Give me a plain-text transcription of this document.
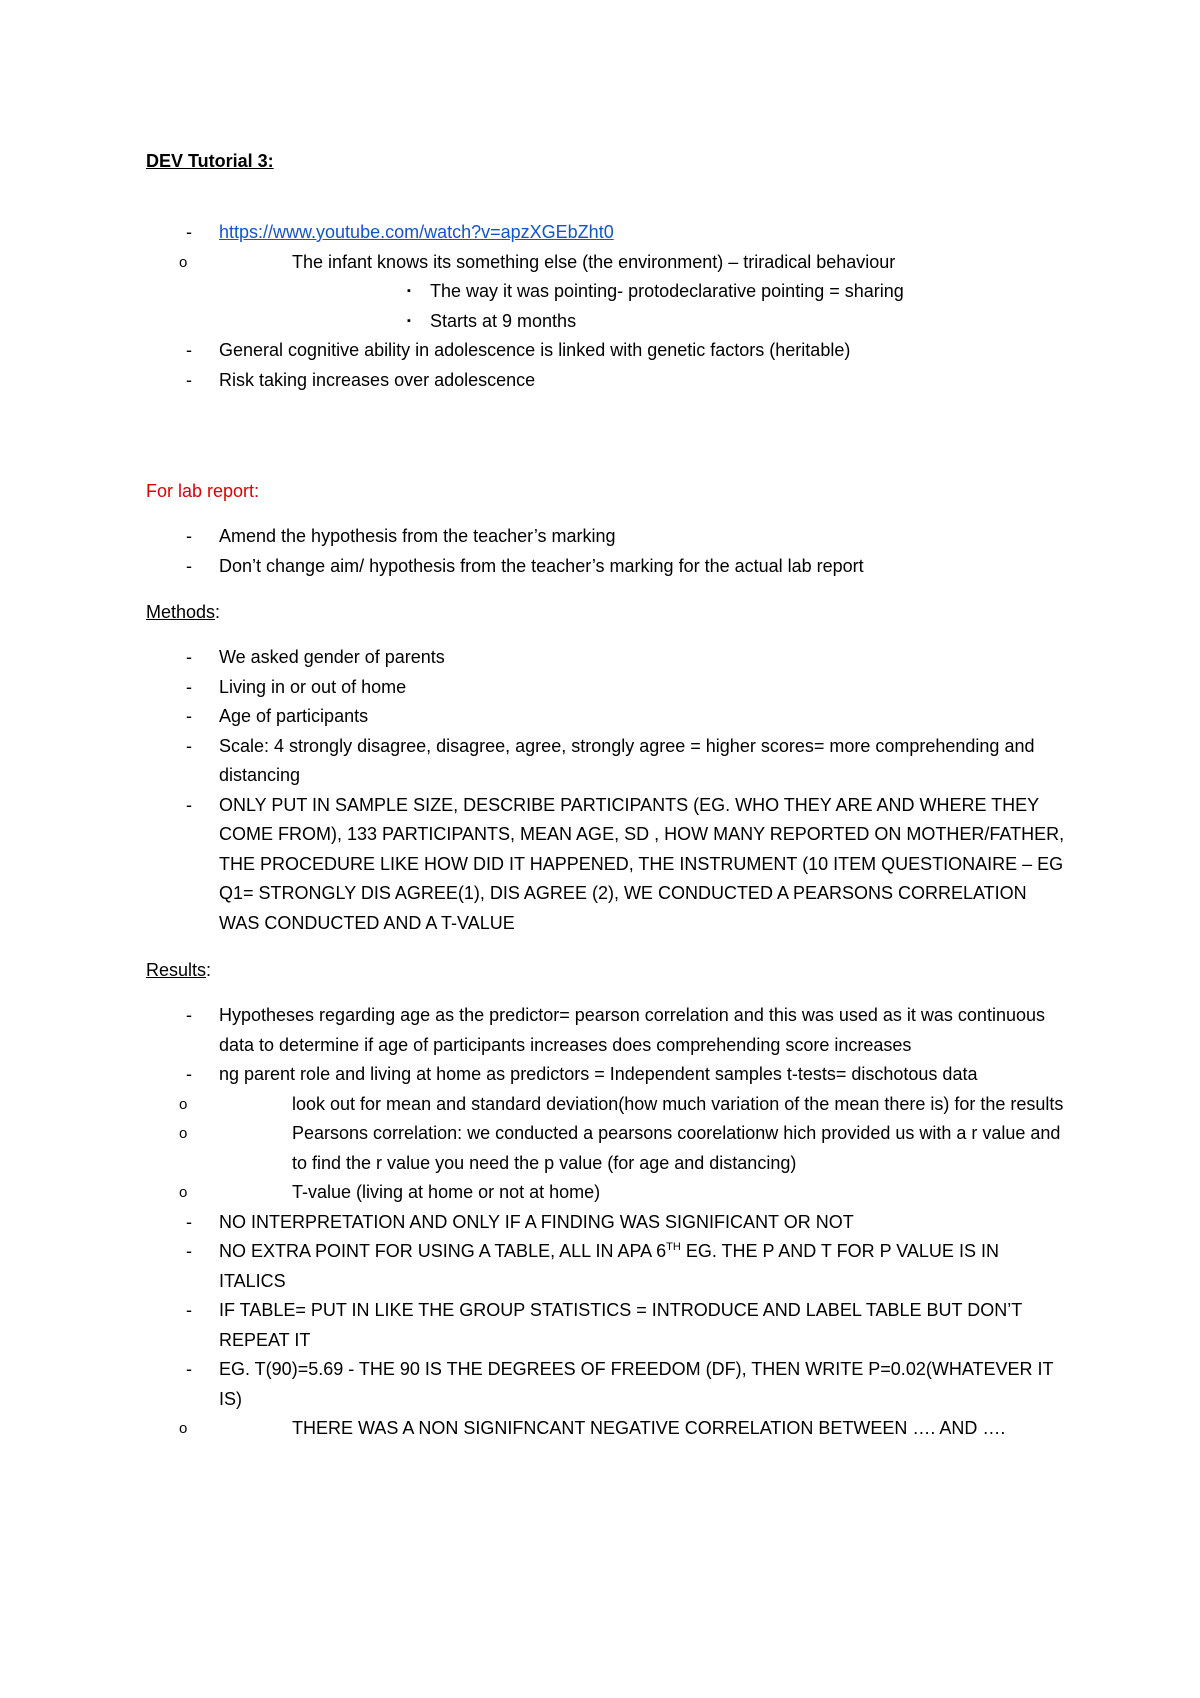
DEV Tutorial 3:
- https://www.youtube.com/watch?v=apzXGEbZht0
o	The infant knows its something else (the environment) – triradical behaviour
▪	The way it was pointing- protodeclarative pointing = sharing
▪	Starts at 9 months
- General cognitive ability in adolescence is linked with genetic factors (heritable)
- Risk taking increases over adolescence
For lab report:
- Amend the hypothesis from the teacher’s marking
- Don’t change aim/ hypothesis from the teacher’s marking for the actual lab report
Methods:
- We asked gender of parents
- Living in or out of home
- Age of participants
- Scale: 4 strongly disagree, disagree, agree, strongly agree = higher scores= more comprehending and distancing
- ONLY PUT IN SAMPLE SIZE, DESCRIBE PARTICIPANTS (EG. WHO THEY ARE AND WHERE THEY COME FROM), 133 PARTICIPANTS, MEAN AGE, SD , HOW MANY REPORTED ON MOTHER/FATHER, THE PROCEDURE LIKE HOW DID IT HAPPENED, THE INSTRUMENT (10 ITEM QUESTIONAIRE – EG Q1= STRONGLY DIS AGREE(1), DIS AGREE (2), WE CONDUCTED A PEARSONS CORRELATION WAS CONDUCTED AND A T-VALUE
Results:
- Hypotheses regarding age as the predictor= pearson correlation and this was used as it was continuous data to determine if age of participants increases does comprehending score increases
- ng parent role and living at home as predictors = Independent samples t-tests= dischotous data
o	look out for mean and standard deviation(how much variation of the mean there is) for the results
o	Pearsons correlation: we conducted a pearsons coorelationw hich provided us with a r value and to find the r value you need the p value (for age and distancing)
o	T-value (living at home or not at home)
- NO INTERPRETATION AND ONLY IF A FINDING WAS SIGNIFICANT OR NOT
- NO EXTRA POINT FOR USING A TABLE, ALL IN APA 6TH EG. THE P AND T FOR P VALUE IS IN ITALICS
- IF TABLE= PUT IN LIKE THE GROUP STATISTICS = INTRODUCE AND LABEL TABLE BUT DON’T REPEAT IT
- EG. T(90)=5.69 - THE 90 IS THE DEGREES OF FREEDOM (DF), THEN WRITE P=0.02(WHATEVER IT IS)
o	THERE WAS A NON SIGNIFNCANT NEGATIVE CORRELATION BETWEEN …. AND ….
